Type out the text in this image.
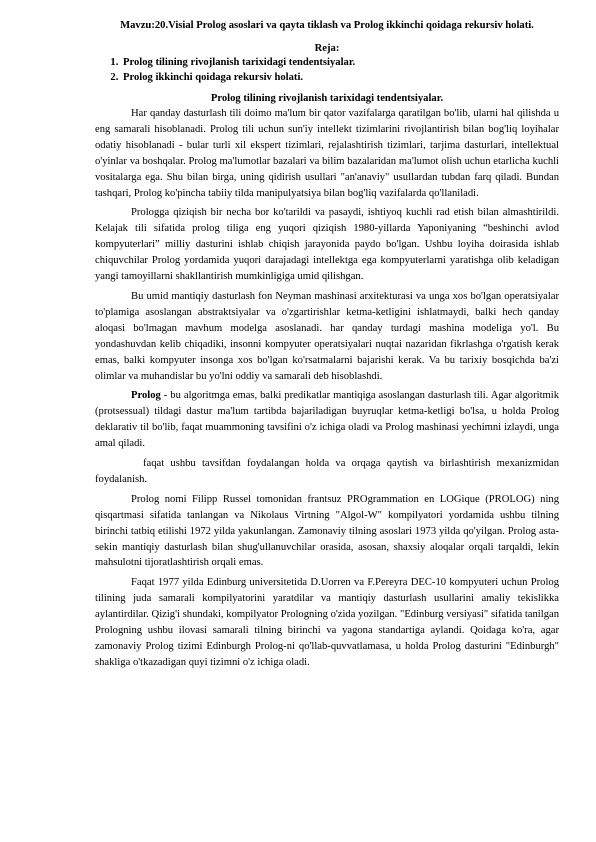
Mavzu:20.Visial Prolog asoslari va qayta tiklash va Prolog ikkinchi qoidaga rekursiv holati.
Reja:
1. Prolog tilining rivojlanish tarixidagi tendentsiyalar.
2. Prolog ikkinchi qoidaga rekursiv holati.
Prolog tilining rivojlanish tarixidagi tendentsiyalar.

Har qanday dasturlash tili doimo ma'lum bir qator vazifalarga qaratilgan bo'lib, ularni hal qilishda u eng samarali hisoblanadi. Prolog tili uchun sun'iy intellekt tizimlarini rivojlantirish bilan bog'liq loyihalar odatiy hisoblanadi - bular turli xil ekspert tizimlari, rejalashtirish tizimlari, tarjima dasturlari, intellektual o'yinlar va boshqalar. Prolog ma'lumotlar bazalari va bilim bazalaridan ma'lumot olish uchun etarlicha kuchli vositalarga ega. Shu bilan birga, uning qidirish usullari "an'anaviy" usullardan tubdan farq qiladi. Bundan tashqari, Prolog ko'pincha tabiiy tilda manipulyatsiya bilan bog'liq vazifalarda qo'llaniladi.

Prologga qiziqish bir necha bor ko'tarildi va pasaydi, ishtiyoq kuchli rad etish bilan almashtirildi. Kelajak tili sifatida prolog tiliga eng yuqori qiziqish 1980-yillarda Yaponiyaning “beshinchi avlod kompyuterlari” milliy dasturini ishlab chiqish jarayonida paydo bo'lgan. Ushbu loyiha doirasida ishlab chiquvchilar Prolog yordamida yuqori darajadagi intellektga ega kompyuterlarni yaratishga olib keladigan yangi tamoyillarni shakllantirish mumkinligiga umid qilishgan.

Bu umid mantiqiy dasturlash fon Neyman mashinasi arxitekturasi va unga xos bo'lgan operatsiyalar to'plamiga asoslangan abstraktsiyalar va o'zgartirishlar ketma-ketligini ishlatmaydi, balki hech qanday aloqasi bo'lmagan mavhum modelga asoslanadi. har qanday turdagi mashina modeliga yo'l. Bu yondashuvdan kelib chiqadiki, insonni kompyuter operatsiyalari nuqtai nazaridan fikrlashga o'rgatish kerak emas, balki kompyuter insonga xos bo'lgan ko'rsatmalarni bajarishi kerak. Va bu tarixiy bosqichda ba'zi olimlar va muhandislar bu yo'lni oddiy va samarali deb hisoblashdi.

Prolog - bu algoritmga emas, balki predikatlar mantiqiga asoslangan dasturlash tili. Agar algoritmik (protsessual) tildagi dastur ma'lum tartibda bajariladigan buyruqlar ketma-ketligi bo'lsa, u holda Prolog deklarativ til bo'lib, faqat muammoning tavsifini o'z ichiga oladi va Prolog mashinasi yechimni izlaydi, unga amal qiladi.

faqat ushbu tavsifdan foydalangan holda va orqaga qaytish va birlashtirish mexanizmidan foydalanish.

Prolog nomi Filipp Russel tomonidan frantsuz PROgrammation en LOGique (PROLOG) ning qisqartmasi sifatida tanlangan va Nikolaus Virtning "Algol-W" kompilyatori yordamida ushbu tilning birinchi tatbiq etilishi 1972 yilda yakunlangan. Zamonaviy tilning asoslari 1973 yilda qo'yilgan. Prolog asta-sekin mantiqiy dasturlash bilan shug'ullanuvchilar orasida, asosan, shaxsiy aloqalar orqali tarqaldi, lekin mahsulotni tijoratlashtirish orqali emas.

Faqat 1977 yilda Edinburg universitetida D.Uorren va F.Pereyra DEC-10 kompyuteri uchun Prolog tilining juda samarali kompilyatorini yaratdilar va mantiqiy dasturlash usullarini amaliy tekislikka aylantirdilar. Qizig'i shundaki, kompilyator Prologning o'zida yozilgan. "Edinburg versiyasi" sifatida tanilgan Prologning ushbu ilovasi samarali tilning birinchi va yagona standartiga aylandi. Qoidaga ko'ra, agar zamonaviy Prolog tizimi Edinburgh Prolog-ni qo'llab-quvvatlamasa, u holda Prolog dasturini "Edinburgh" shakliga o'tkazadigan quyi tizimni o'z ichiga oladi.
